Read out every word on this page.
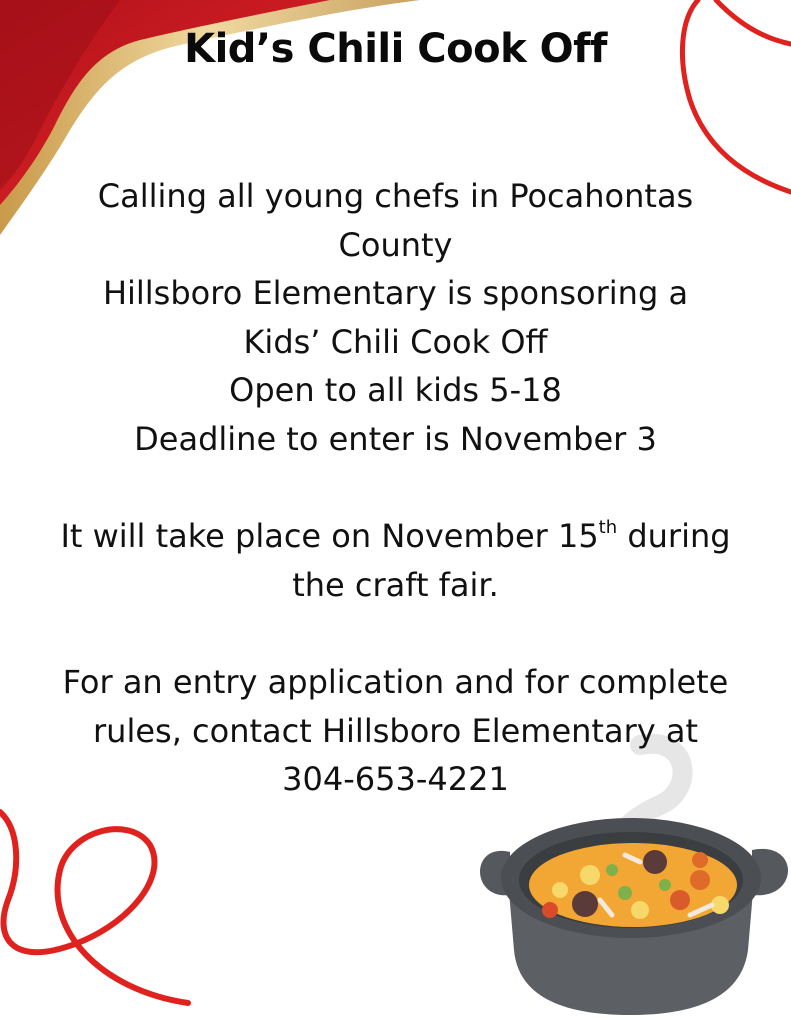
Kid’s Chili Cook Off
Calling all young chefs in Pocahontas
County
Hillsboro Elementary is sponsoring a
Kids’ Chili Cook Off
Open to all kids 5-18
Deadline to enter is November 3
It will take place on November 15th during
the craft fair.
For an entry application and for complete
rules, contact Hillsboro Elementary at
304-653-4221
